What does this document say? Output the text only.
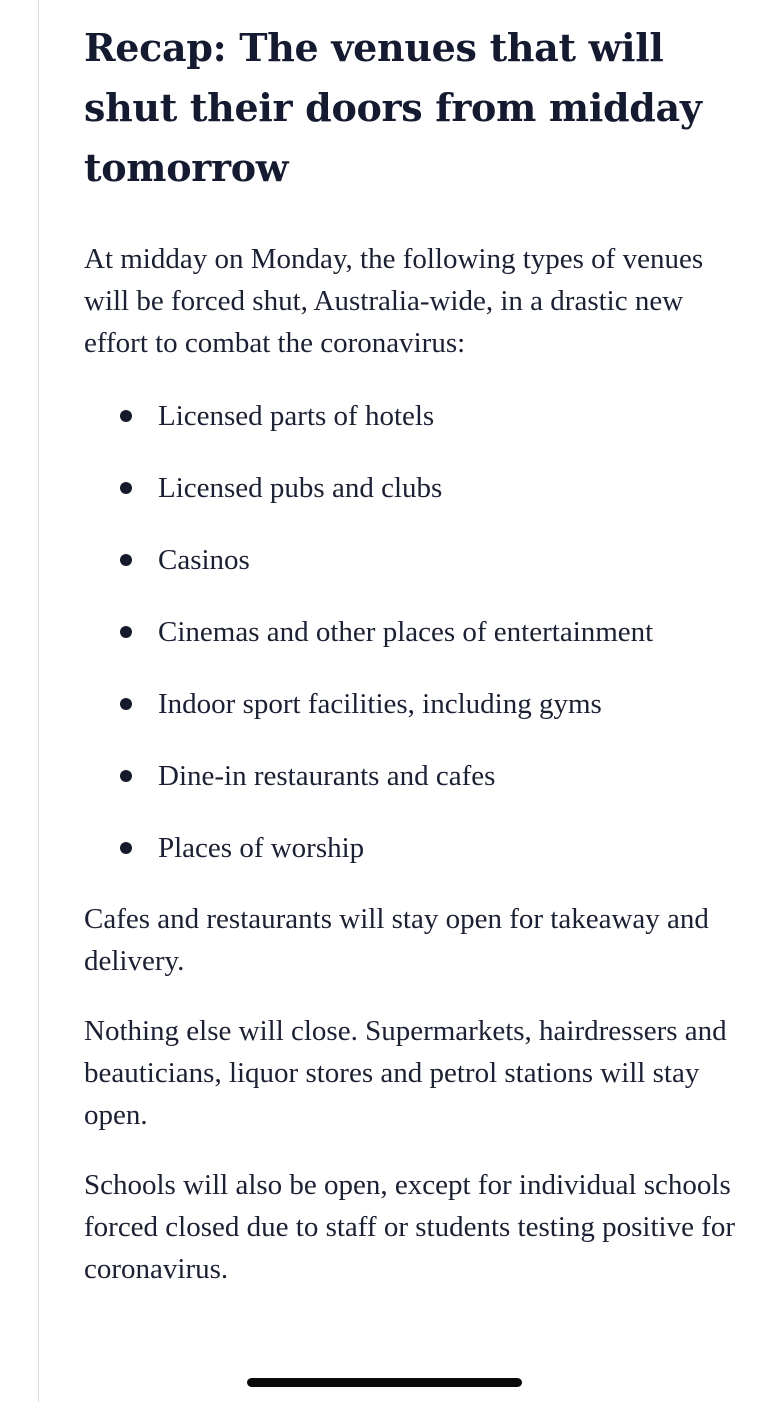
Recap: The venues that will shut their doors from midday tomorrow

At midday on Monday, the following types of venues will be forced shut, Australia-wide, in a drastic new effort to combat the coronavirus:

Licensed parts of hotels
Licensed pubs and clubs
Casinos
Cinemas and other places of entertainment
Indoor sport facilities, including gyms
Dine-in restaurants and cafes
Places of worship

Cafes and restaurants will stay open for takeaway and delivery.

Nothing else will close. Supermarkets, hairdressers and beauticians, liquor stores and petrol stations will stay open.

Schools will also be open, except for individual schools forced closed due to staff or students testing positive for coronavirus.
